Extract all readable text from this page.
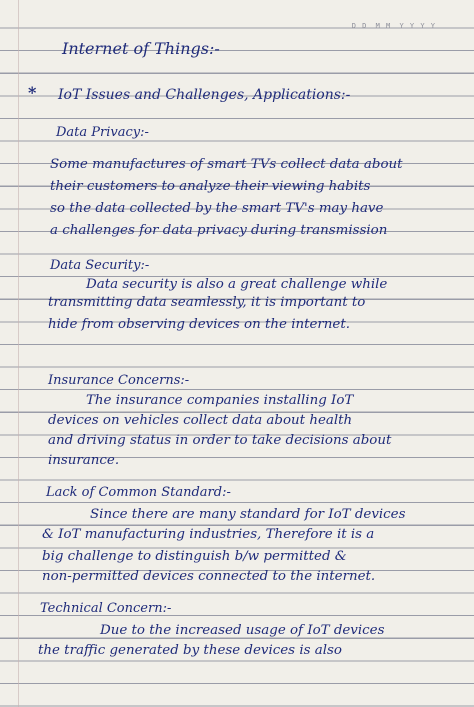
D D M M Y Y Y Y
Internet of Things:-
* IoT Issues and Challenges, Applications:-
Data Privacy:-
Some manufactures of smart TVs collect data about
their customers to analyze their viewing habits
so the data collected by the smart TV's may have
a challenges for data privacy during transmission
Data Security:-
Data security is also a great challenge while
transmitting data seamlessly, it is important to
hide from observing devices on the internet.
Insurance Concerns:-
The insurance companies installing IoT
devices on vehicles collect data about health
and driving status in order to take decisions about
insurance.
Lack of Common Standard:-
Since there are many standard for IoT devices
& IoT manufacturing industries, Therefore it is a
big challenge to distinguish b/w permitted &
non-permitted devices connected to the internet.
Technical Concern:-
Due to the increased usage of IoT devices
the traffic generated by these devices is also
